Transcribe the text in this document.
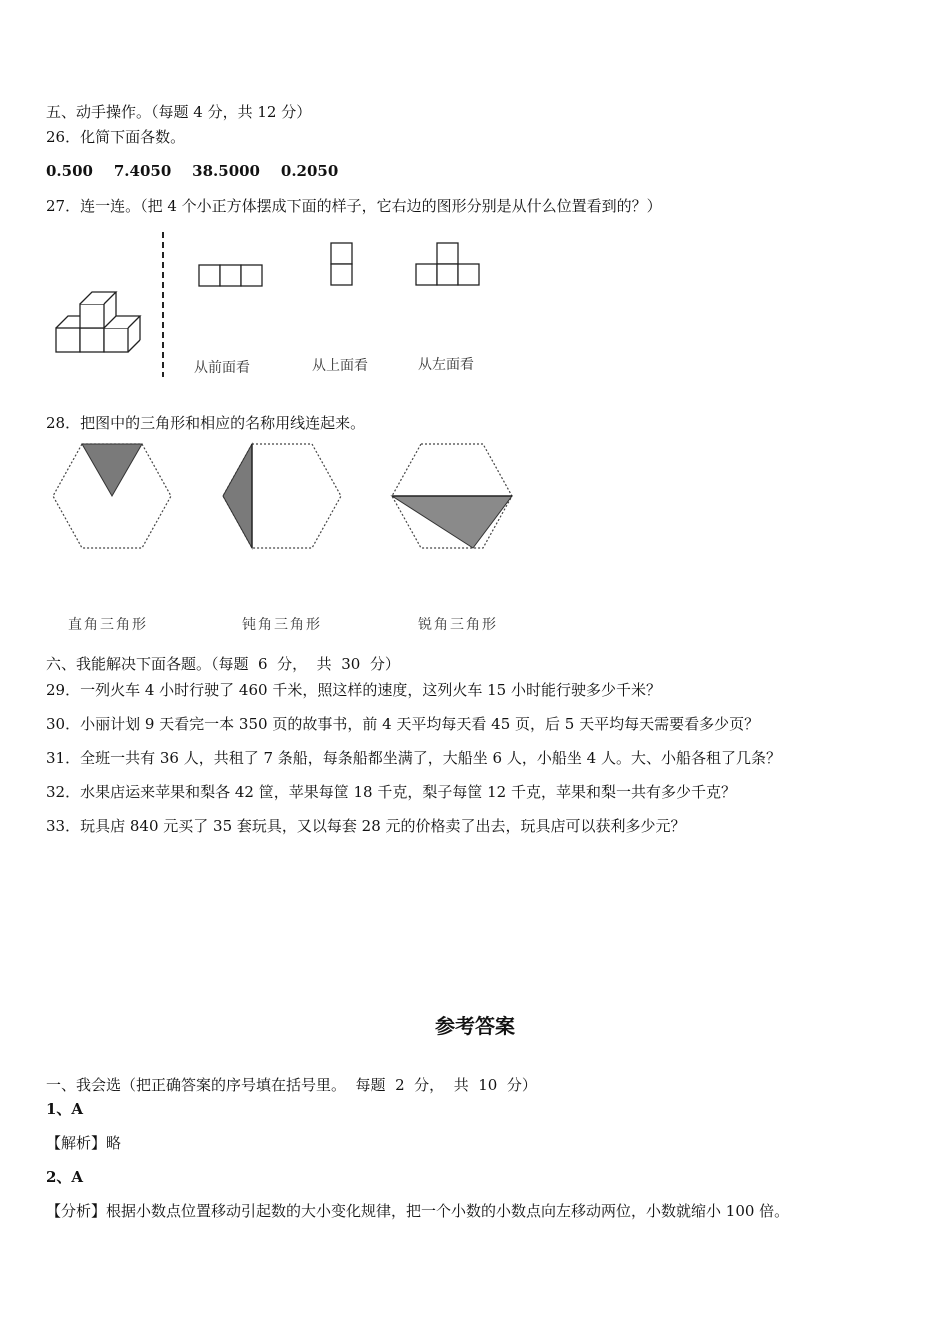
五、动手操作。（每题 4 分，共 12 分）
26．化简下面各数。
0.500    7.4050    38.5000    0.2050
27．连一连。（把 4 个小正方体摆成下面的样子，它右边的图形分别是从什么位置看到的？）
从前面看	从上面看	从左面看
28．把图中的三角形和相应的名称用线连起来。
直角三角形	钝角三角形	锐角三角形
六、我能解决下面各题。（每题  6  分，  共  30  分）
29．一列火车 4 小时行驶了 460 千米，照这样的速度，这列火车 15 小时能行驶多少千米？
30．小丽计划 9 天看完一本 350 页的故事书，前 4 天平均每天看 45 页，后 5 天平均每天需要看多少页？
31．全班一共有 36 人，共租了 7 条船，每条船都坐满了，大船坐 6 人，小船坐 4 人。大、小船各租了几条？
32．水果店运来苹果和梨各 42 筐，苹果每筐 18 千克，梨子每筐 12 千克，苹果和梨一共有多少千克？
33．玩具店 840 元买了 35 套玩具，又以每套 28 元的价格卖了出去，玩具店可以获利多少元？
参考答案
一、我会选（把正确答案的序号填在括号里。  每题  2  分，  共  10  分）
1、A
【解析】略
2、A
【分析】根据小数点位置移动引起数的大小变化规律，把一个小数的小数点向左移动两位，小数就缩小 100 倍。
